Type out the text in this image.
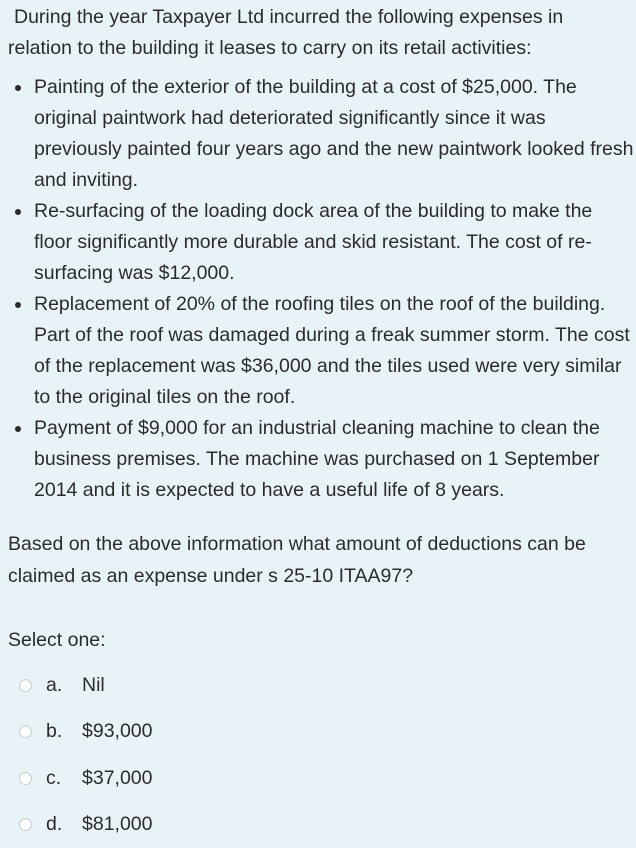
During the year Taxpayer Ltd incurred the following expenses in relation to the building it leases to carry on its retail activities:

Painting of the exterior of the building at a cost of $25,000. The original paintwork had deteriorated significantly since it was previously painted four years ago and the new paintwork looked fresh and inviting.
Re-surfacing of the loading dock area of the building to make the floor significantly more durable and skid resistant. The cost of re-
surfacing was $12,000.
Replacement of 20% of the roofing tiles on the roof of the building. Part of the roof was damaged during a freak summer storm. The cost of the replacement was $36,000 and the tiles used were very similar to the original tiles on the roof.
Payment of $9,000 for an industrial cleaning machine to clean the business premises. The machine was purchased on 1 September 2014 and it is expected to have a useful life of 8 years.

Based on the above information what amount of deductions can be claimed as an expense under s 25-10 ITAA97?

Select one:

a.	Nil
b.	$93,000
c.	$37,000
d.	$81,000
